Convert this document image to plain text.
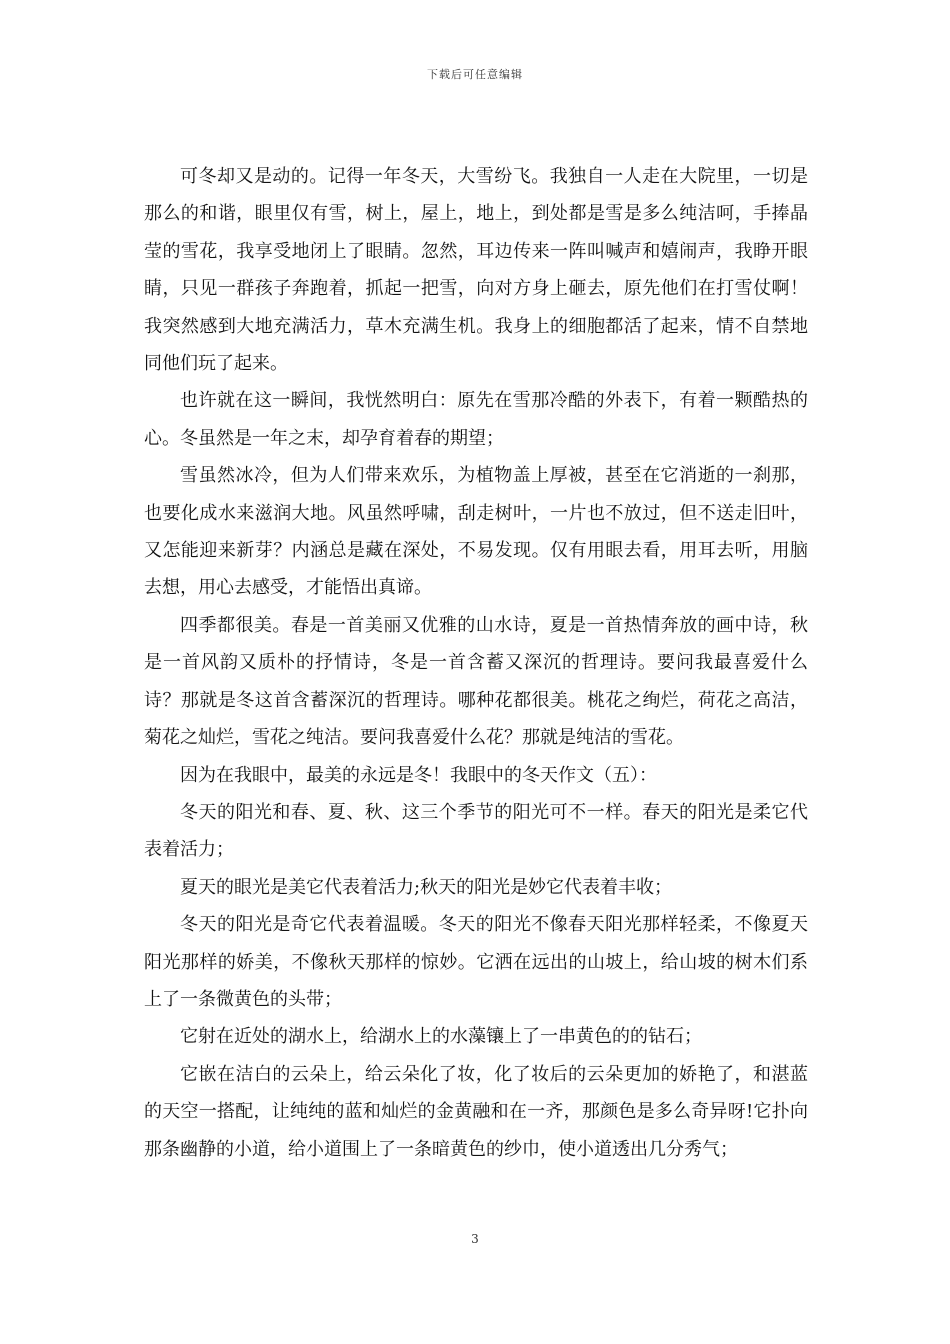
下载后可任意编辑

可冬却又是动的。记得一年冬天，大雪纷飞。我独自一人走在大院里，一切是那么的和谐，眼里仅有雪，树上，屋上，地上，到处都是雪是多么纯洁呵，手捧晶莹的雪花，我享受地闭上了眼睛。忽然，耳边传来一阵叫喊声和嬉闹声，我睁开眼睛，只见一群孩子奔跑着，抓起一把雪，向对方身上砸去，原先他们在打雪仗啊！我突然感到大地充满活力，草木充满生机。我身上的细胞都活了起来，情不自禁地同他们玩了起来。

也许就在这一瞬间，我恍然明白：原先在雪那冷酷的外表下，有着一颗酷热的心。冬虽然是一年之末，却孕育着春的期望；

雪虽然冰冷，但为人们带来欢乐，为植物盖上厚被，甚至在它消逝的一刹那，也要化成水来滋润大地。风虽然呼啸，刮走树叶，一片也不放过，但不送走旧叶，又怎能迎来新芽？内涵总是藏在深处，不易发现。仅有用眼去看，用耳去听，用脑去想，用心去感受，才能悟出真谛。

四季都很美。春是一首美丽又优雅的山水诗，夏是一首热情奔放的画中诗，秋是一首风韵又质朴的抒情诗，冬是一首含蓄又深沉的哲理诗。要问我最喜爱什么诗？那就是冬这首含蓄深沉的哲理诗。哪种花都很美。桃花之绚烂，荷花之高洁，菊花之灿烂，雪花之纯洁。要问我喜爱什么花？那就是纯洁的雪花。

因为在我眼中，最美的永远是冬！我眼中的冬天作文（五）：

冬天的阳光和春、夏、秋、这三个季节的阳光可不一样。春天的阳光是柔它代表着活力；

夏天的眼光是美它代表着活力;秋天的阳光是妙它代表着丰收；

冬天的阳光是奇它代表着温暖。冬天的阳光不像春天阳光那样轻柔，不像夏天阳光那样的娇美，不像秋天那样的惊妙。它洒在远出的山坡上，给山坡的树木们系上了一条微黄色的头带；

它射在近处的湖水上，给湖水上的水藻镶上了一串黄色的的钻石；

它嵌在洁白的云朵上，给云朵化了妆，化了妆后的云朵更加的娇艳了，和湛蓝的天空一搭配，让纯纯的蓝和灿烂的金黄融和在一齐，那颜色是多么奇异呀!它扑向那条幽静的小道，给小道围上了一条暗黄色的纱巾，使小道透出几分秀气；

3
